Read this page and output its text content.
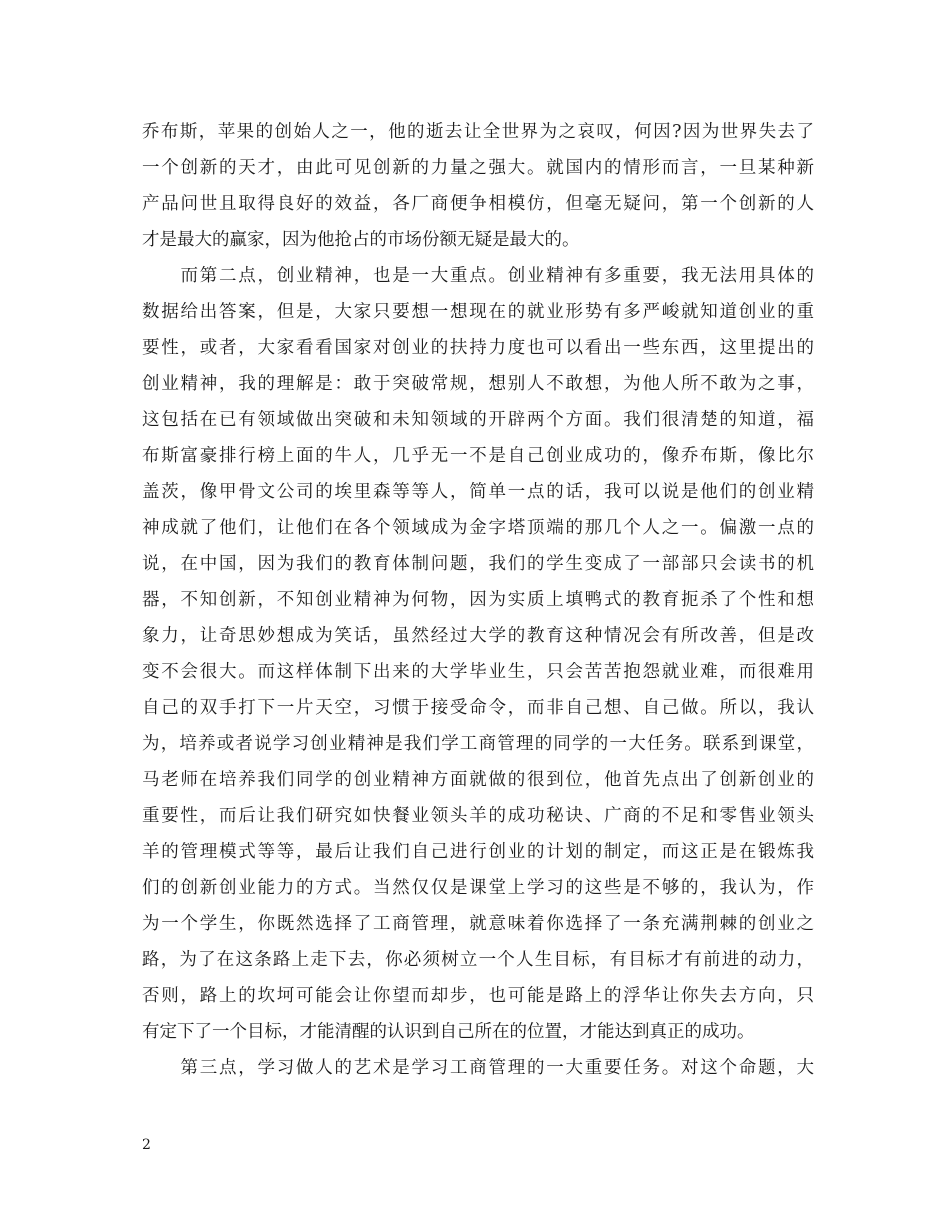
乔布斯，苹果的创始人之一，他的逝去让全世界为之哀叹，何因?因为世界失去了
一个创新的天才，由此可见创新的力量之强大。就国内的情形而言，一旦某种新
产品问世且取得良好的效益，各厂商便争相模仿，但毫无疑问，第一个创新的人
才是最大的赢家，因为他抢占的市场份额无疑是最大的。
　　而第二点，创业精神，也是一大重点。创业精神有多重要，我无法用具体的
数据给出答案，但是，大家只要想一想现在的就业形势有多严峻就知道创业的重
要性，或者，大家看看国家对创业的扶持力度也可以看出一些东西，这里提出的
创业精神，我的理解是：敢于突破常规，想别人不敢想，为他人所不敢为之事，
这包括在已有领域做出突破和未知领域的开辟两个方面。我们很清楚的知道，福
布斯富豪排行榜上面的牛人，几乎无一不是自己创业成功的，像乔布斯，像比尔
盖茨，像甲骨文公司的埃里森等等人，简单一点的话，我可以说是他们的创业精
神成就了他们，让他们在各个领域成为金字塔顶端的那几个人之一。偏激一点的
说，在中国，因为我们的教育体制问题，我们的学生变成了一部部只会读书的机
器，不知创新，不知创业精神为何物，因为实质上填鸭式的教育扼杀了个性和想
象力，让奇思妙想成为笑话，虽然经过大学的教育这种情况会有所改善，但是改
变不会很大。而这样体制下出来的大学毕业生，只会苦苦抱怨就业难，而很难用
自己的双手打下一片天空，习惯于接受命令，而非自己想、自己做。所以，我认
为，培养或者说学习创业精神是我们学工商管理的同学的一大任务。联系到课堂，
马老师在培养我们同学的创业精神方面就做的很到位，他首先点出了创新创业的
重要性，而后让我们研究如快餐业领头羊的成功秘诀、广商的不足和零售业领头
羊的管理模式等等，最后让我们自己进行创业的计划的制定，而这正是在锻炼我
们的创新创业能力的方式。当然仅仅是课堂上学习的这些是不够的，我认为，作
为一个学生，你既然选择了工商管理，就意味着你选择了一条充满荆棘的创业之
路，为了在这条路上走下去，你必须树立一个人生目标，有目标才有前进的动力，
否则，路上的坎坷可能会让你望而却步，也可能是路上的浮华让你失去方向，只
有定下了一个目标，才能清醒的认识到自己所在的位置，才能达到真正的成功。
　　第三点，学习做人的艺术是学习工商管理的一大重要任务。对这个命题，大
2
